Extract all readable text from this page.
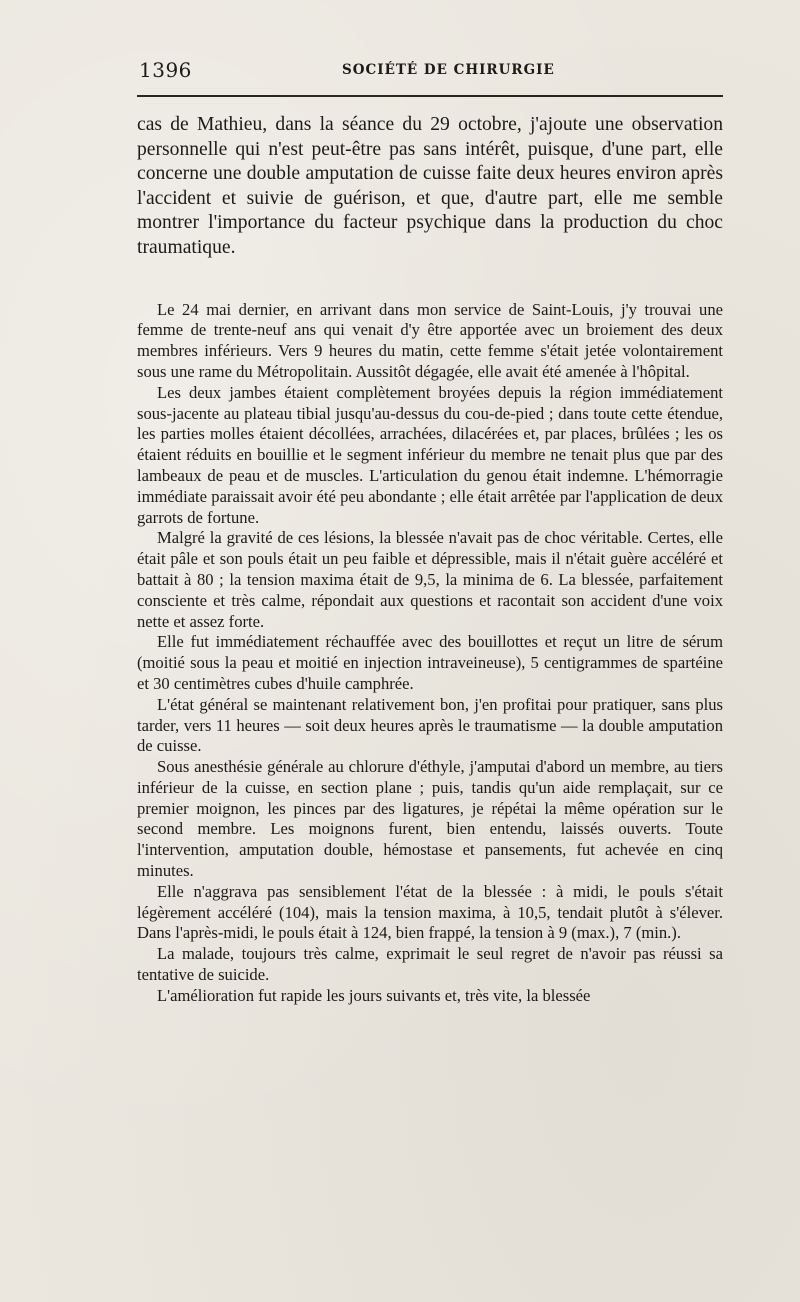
1396	SOCIÉTÉ DE CHIRURGIE

cas de Mathieu, dans la séance du 29 octobre, j'ajoute une observation personnelle qui n'est peut-être pas sans intérêt, puisque, d'une part, elle concerne une double amputation de cuisse faite deux heures environ après l'accident et suivie de guérison, et que, d'autre part, elle me semble montrer l'importance du facteur psychique dans la production du choc traumatique.

Le 24 mai dernier, en arrivant dans mon service de Saint-Louis, j'y trouvai une femme de trente-neuf ans qui venait d'y être apportée avec un broiement des deux membres inférieurs. Vers 9 heures du matin, cette femme s'était jetée volontairement sous une rame du Métropolitain. Aussitôt dégagée, elle avait été amenée à l'hôpital.

Les deux jambes étaient complètement broyées depuis la région immédiatement sous-jacente au plateau tibial jusqu'au-dessus du cou-de-pied ; dans toute cette étendue, les parties molles étaient décollées, arrachées, dilacérées et, par places, brûlées ; les os étaient réduits en bouillie et le segment inférieur du membre ne tenait plus que par des lambeaux de peau et de muscles. L'articulation du genou était indemne. L'hémorragie immédiate paraissait avoir été peu abondante ; elle était arrêtée par l'application de deux garrots de fortune.

Malgré la gravité de ces lésions, la blessée n'avait pas de choc véritable. Certes, elle était pâle et son pouls était un peu faible et dépressible, mais il n'était guère accéléré et battait à 80 ; la tension maxima était de 9,5, la minima de 6. La blessée, parfaitement consciente et très calme, répondait aux questions et racontait son accident d'une voix nette et assez forte.

Elle fut immédiatement réchauffée avec des bouillottes et reçut un litre de sérum (moitié sous la peau et moitié en injection intraveineuse), 5 centigrammes de spartéine et 30 centimètres cubes d'huile camphrée.

L'état général se maintenant relativement bon, j'en profitai pour pratiquer, sans plus tarder, vers 11 heures — soit deux heures après le traumatisme — la double amputation de cuisse.

Sous anesthésie générale au chlorure d'éthyle, j'amputai d'abord un membre, au tiers inférieur de la cuisse, en section plane ; puis, tandis qu'un aide remplaçait, sur ce premier moignon, les pinces par des ligatures, je répétai la même opération sur le second membre. Les moignons furent, bien entendu, laissés ouverts. Toute l'intervention, amputation double, hémostase et pansements, fut achevée en cinq minutes.

Elle n'aggrava pas sensiblement l'état de la blessée : à midi, le pouls s'était légèrement accéléré (104), mais la tension maxima, à 10,5, tendait plutôt à s'élever. Dans l'après-midi, le pouls était à 124, bien frappé, la tension à 9 (max.), 7 (min.).

La malade, toujours très calme, exprimait le seul regret de n'avoir pas réussi sa tentative de suicide.

L'amélioration fut rapide les jours suivants et, très vite, la blessée
